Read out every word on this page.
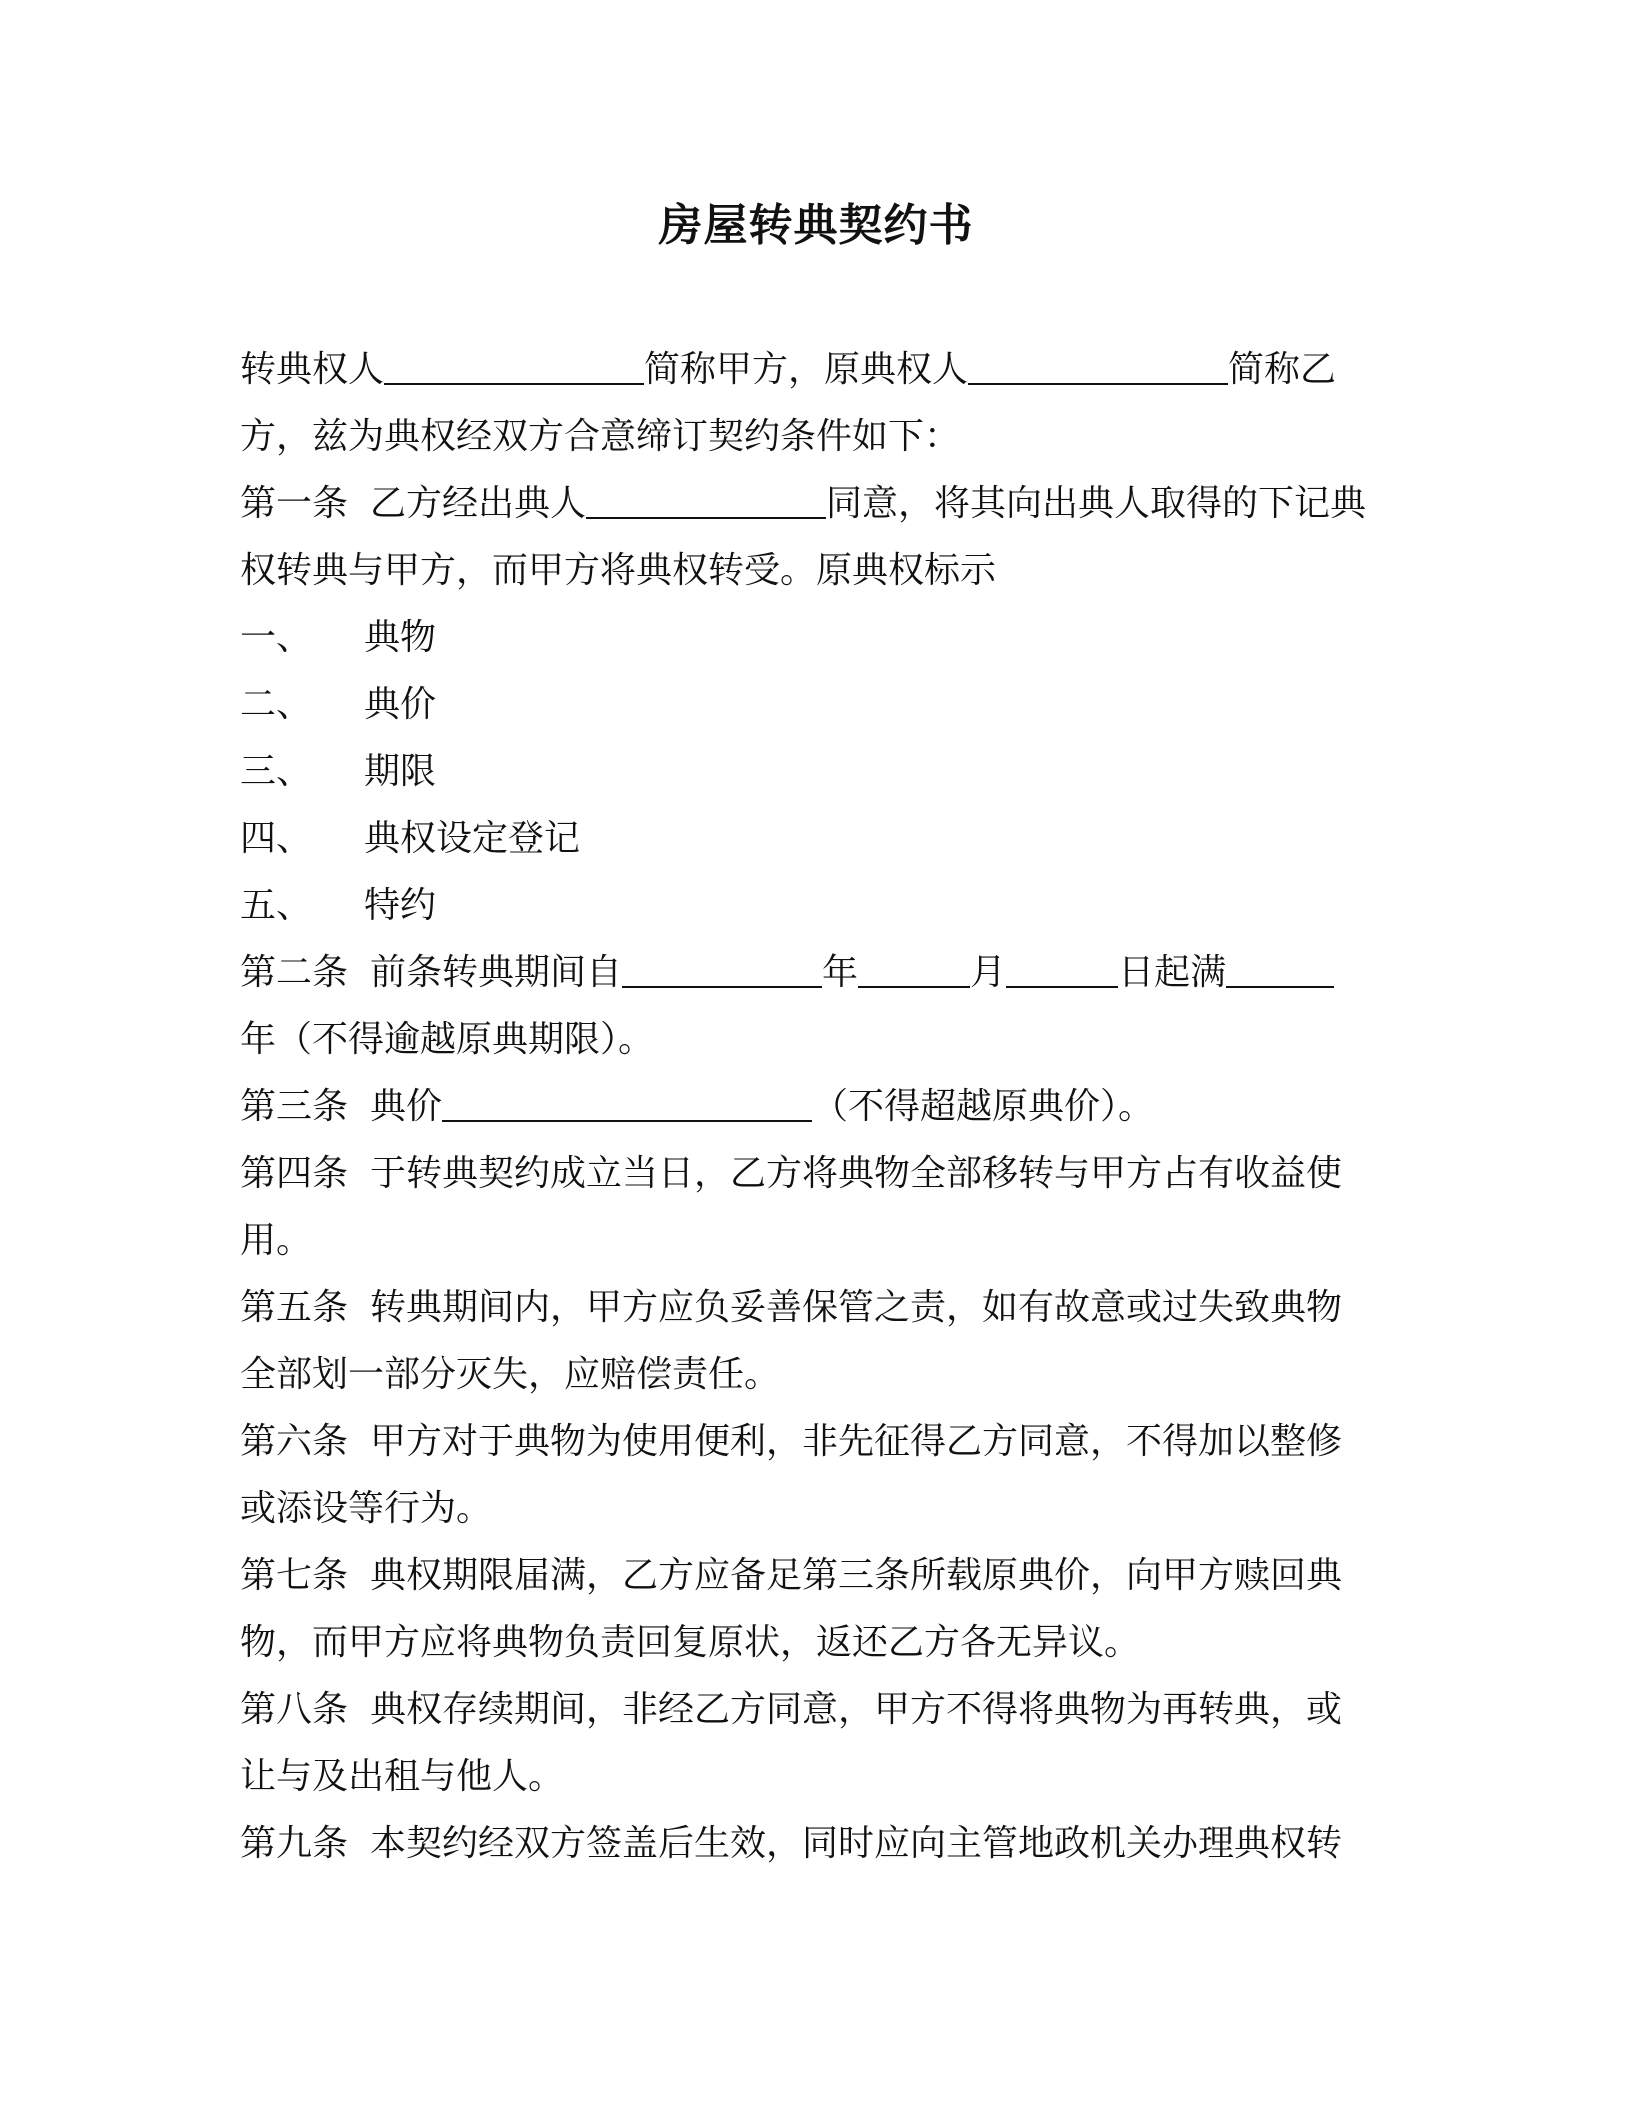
房屋转典契约书
转典权人	简称甲方，原典权人	简称乙
方，兹为典权经双方合意缔订契约条件如下：
第一条 乙方经出典人	同意，将其向出典人取得的下记典
权转典与甲方，而甲方将典权转受。原典权标示
一、 典物
二、 典价
三、 期限
四、 典权设定登记
五、 特约
第二条 前条转典期间自	年	月	日起满
年（不得逾越原典期限）。
第三条 典价	（不得超越原典价）。
第四条 于转典契约成立当日，乙方将典物全部移转与甲方占有收益使
用。
第五条 转典期间内，甲方应负妥善保管之责，如有故意或过失致典物
全部划一部分灭失，应赔偿责任。
第六条 甲方对于典物为使用便利，非先征得乙方同意，不得加以整修
或添设等行为。
第七条 典权期限届满，乙方应备足第三条所载原典价，向甲方赎回典
物，而甲方应将典物负责回复原状，返还乙方各无异议。
第八条 典权存续期间，非经乙方同意，甲方不得将典物为再转典，或
让与及出租与他人。
第九条 本契约经双方签盖后生效，同时应向主管地政机关办理典权转
